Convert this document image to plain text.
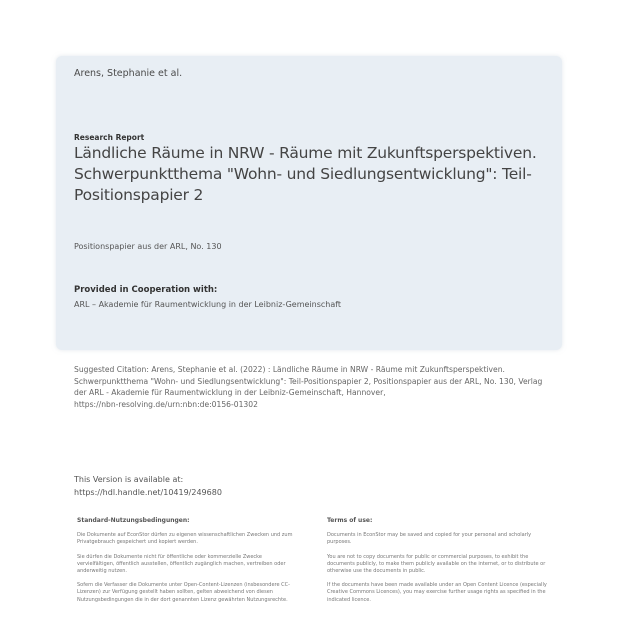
Arens, Stephanie et al.
Research Report
Ländliche Räume in NRW - Räume mit Zukunftsperspektiven. Schwerpunktthema "Wohn- und Siedlungsentwicklung": Teil-Positionspapier 2
Positionspapier aus der ARL, No. 130
Provided in Cooperation with:
ARL – Akademie für Raumentwicklung in der Leibniz-Gemeinschaft
Suggested Citation: Arens, Stephanie et al. (2022) : Ländliche Räume in NRW - Räume mit Zukunftsperspektiven. Schwerpunktthema "Wohn- und Siedlungsentwicklung": Teil-Positionspapier 2, Positionspapier aus der ARL, No. 130, Verlag der ARL - Akademie für Raumentwicklung in der Leibniz-Gemeinschaft, Hannover,
https://nbn-resolving.de/urn:nbn:de:0156-01302
This Version is available at:
https://hdl.handle.net/10419/249680
Standard-Nutzungsbedingungen:

Die Dokumente auf EconStor dürfen zu eigenen wissenschaftlichen Zwecken und zum Privatgebrauch gespeichert und kopiert werden.

Sie dürfen die Dokumente nicht für öffentliche oder kommerzielle Zwecke vervielfältigen, öffentlich ausstellen, öffentlich zugänglich machen, vertreiben oder anderweitig nutzen.

Sofern die Verfasser die Dokumente unter Open-Content-Lizenzen (insbesondere CC-Lizenzen) zur Verfügung gestellt haben sollten, gelten abweichend von diesen Nutzungsbedingungen die in der dort genannten Lizenz gewährten Nutzungsrechte.

Terms of use:

Documents in EconStor may be saved and copied for your personal and scholarly purposes.

You are not to copy documents for public or commercial purposes, to exhibit the documents publicly, to make them publicly available on the internet, or to distribute or otherwise use the documents in public.

If the documents have been made available under an Open Content Licence (especially Creative Commons Licences), you may exercise further usage rights as specified in the indicated licence.
